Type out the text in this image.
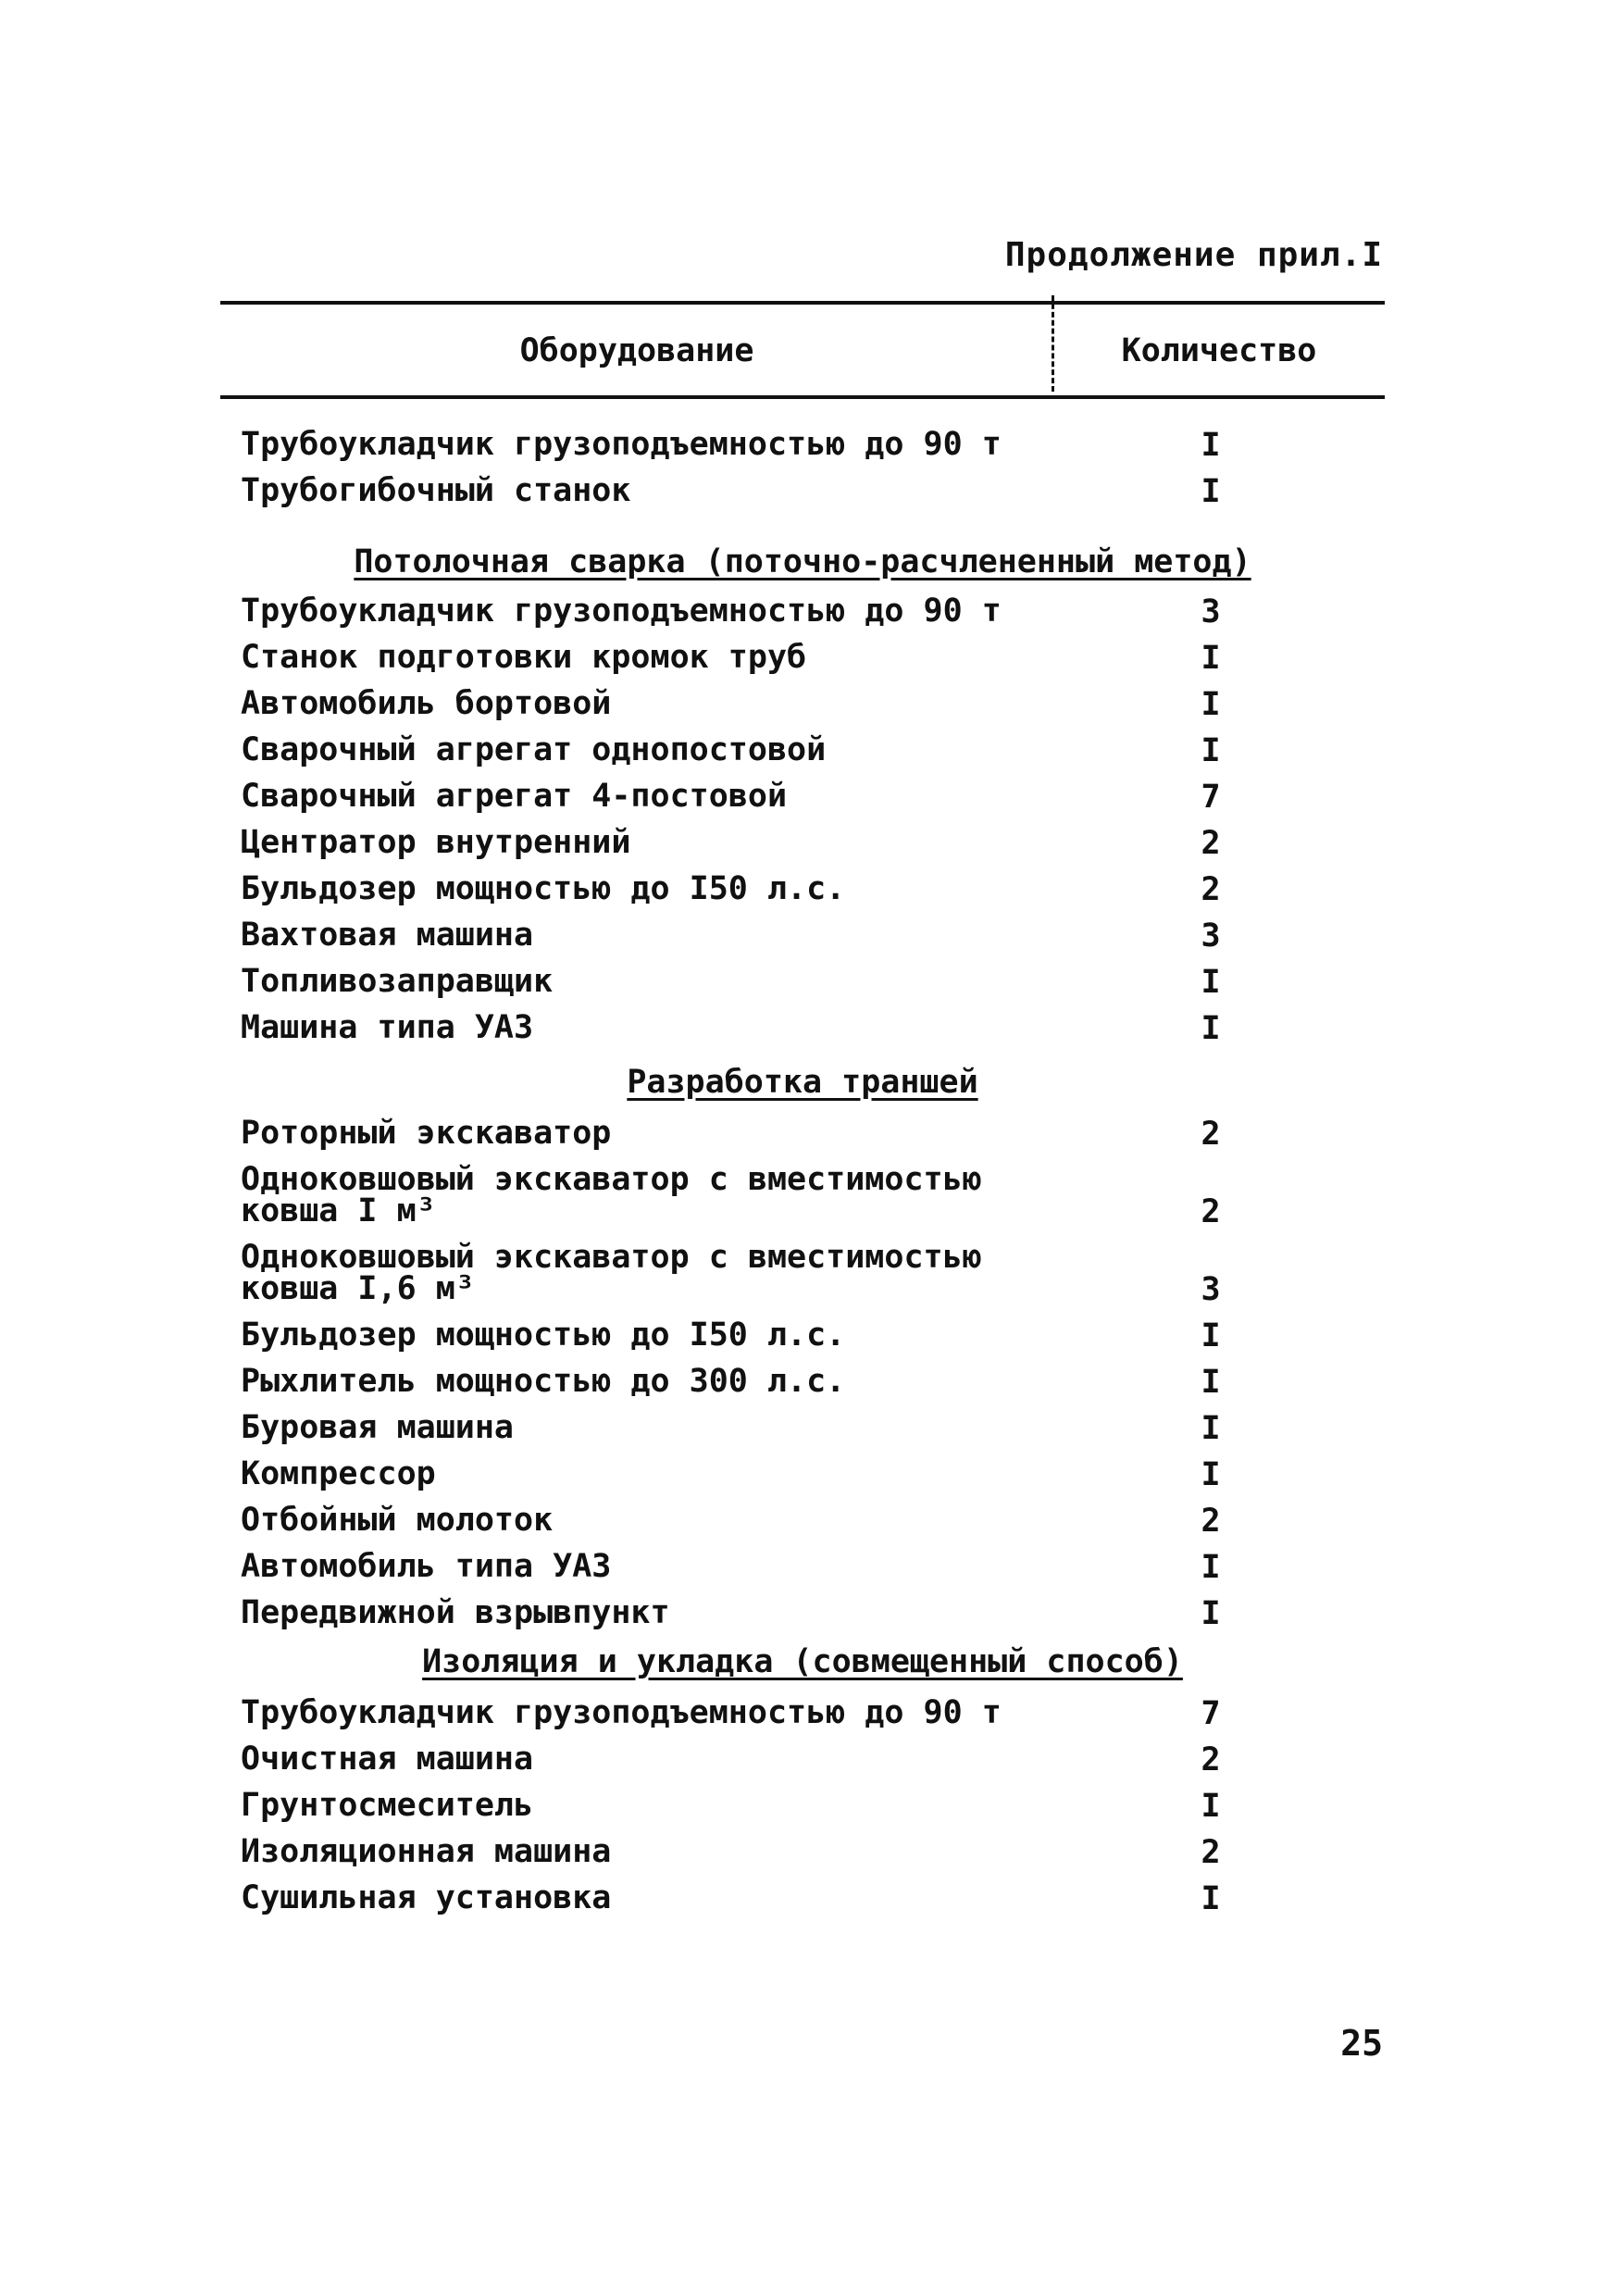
Продолжение прил.I
Оборудование	Количество
Трубоукладчик грузоподъемностью до 90 т	I
Трубогибочный станок	I
Потолочная сварка (поточно-расчлененный метод)
Трубоукладчик грузоподъемностью до 90 т	3
Станок подготовки кромок труб	I
Автомобиль бортовой	I
Сварочный агрегат однопостовой	I
Сварочный агрегат 4-постовой	7
Центратор внутренний	2
Бульдозер мощностью до I50 л.с.	2
Вахтовая машина	3
Топливозаправщик	I
Машина типа УАЗ	I
Разработка траншей
Роторный экскаватор	2
Одноковшовый экскаватор с вместимостью
ковша I м³	2
Одноковшовый экскаватор с вместимостью
ковша I,6 м³	3
Бульдозер мощностью до I50 л.с.	I
Рыхлитель мощностью до 300 л.с.	I
Буровая машина	I
Компрессор	I
Отбойный молоток	2
Автомобиль типа УАЗ	I
Передвижной взрывпункт	I
Изоляция и укладка (совмещенный способ)
Трубоукладчик грузоподъемностью до 90 т	7
Очистная машина	2
Грунтосмеситель	I
Изоляционная машина	2
Сушильная установка	I
25
